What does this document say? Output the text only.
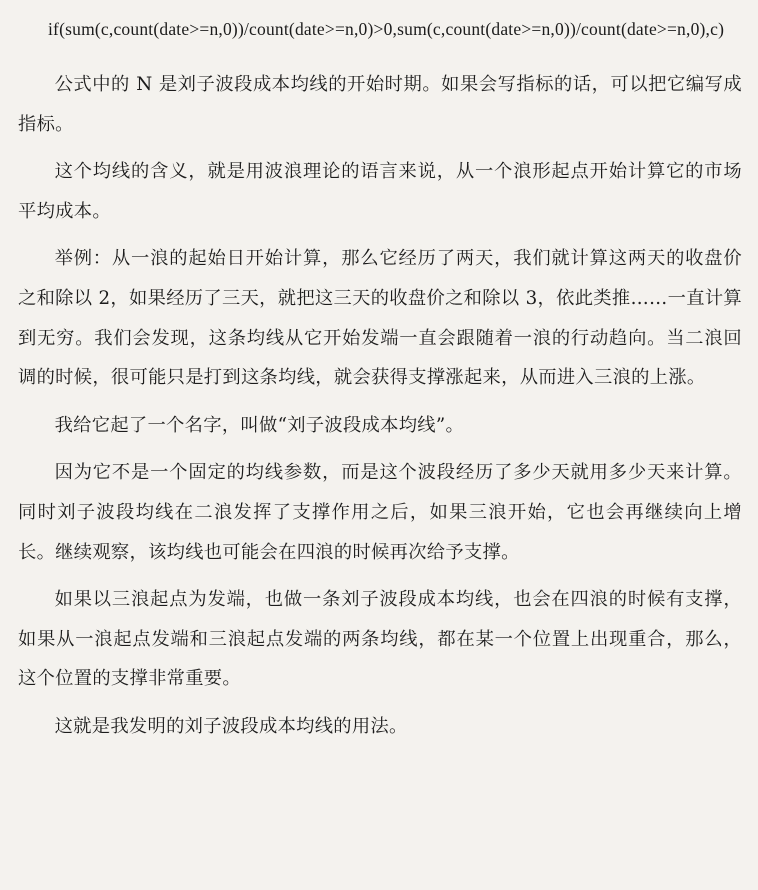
if(sum(c,count(date>=n,0))/count(date>=n,0)>0,sum(c,count(date>=n,0))/count(date>=n,0),c)

公式中的 N 是刘子波段成本均线的开始时期。如果会写指标的话，可以把它编写成指标。

这个均线的含义，就是用波浪理论的语言来说，从一个浪形起点开始计算它的市场平均成本。

举例：从一浪的起始日开始计算，那么它经历了两天，我们就计算这两天的收盘价之和除以 2，如果经历了三天，就把这三天的收盘价之和除以 3，依此类推……一直计算到无穷。我们会发现，这条均线从它开始发端一直会跟随着一浪的行动趋向。当二浪回调的时候，很可能只是打到这条均线，就会获得支撑涨起来，从而进入三浪的上涨。

我给它起了一个名字，叫做“刘子波段成本均线”。

因为它不是一个固定的均线参数，而是这个波段经历了多少天就用多少天来计算。同时刘子波段均线在二浪发挥了支撑作用之后，如果三浪开始，它也会再继续向上增长。继续观察，该均线也可能会在四浪的时候再次给予支撑。

如果以三浪起点为发端，也做一条刘子波段成本均线，也会在四浪的时候有支撑，如果从一浪起点发端和三浪起点发端的两条均线，都在某一个位置上出现重合，那么，这个位置的支撑非常重要。

这就是我发明的刘子波段成本均线的用法。
